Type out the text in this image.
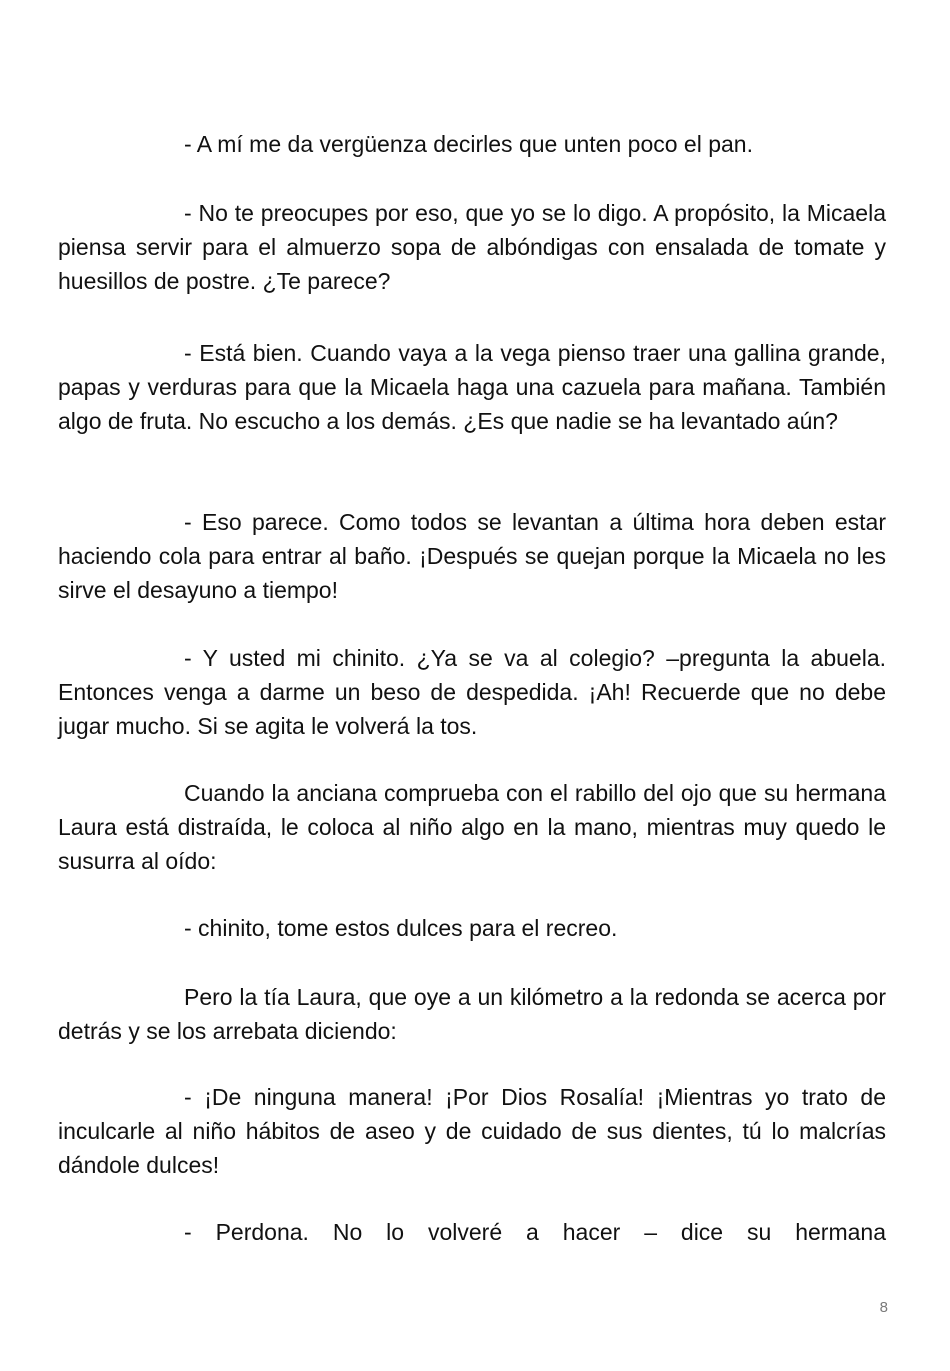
- A mí me da vergüenza decirles que unten poco el pan.

- No te preocupes por eso, que yo se lo digo. A propósito, la Micaela piensa servir para el almuerzo sopa de albóndigas con ensalada de tomate y huesillos de postre. ¿Te parece?

- Está bien. Cuando vaya a la vega pienso traer una gallina grande, papas y verduras para que la Micaela haga una cazuela para mañana. También algo de fruta. No escucho a los demás. ¿Es que nadie se ha levantado aún?

- Eso parece. Como todos se levantan a última hora deben estar haciendo cola para entrar al baño. ¡Después se quejan porque la Micaela no les sirve el desayuno a tiempo!

- Y usted mi chinito. ¿Ya se va al colegio? –pregunta la abuela. Entonces venga a darme un beso de despedida. ¡Ah! Recuerde que no debe jugar mucho. Si se agita le volverá la tos.

Cuando la anciana comprueba con el rabillo del ojo que su hermana Laura está distraída, le coloca al niño algo en la mano, mientras muy quedo le susurra al oído:

- chinito, tome estos dulces para el recreo.

Pero la tía Laura, que oye a un kilómetro a la redonda se acerca por detrás y se los arrebata diciendo:

- ¡De ninguna manera! ¡Por Dios Rosalía! ¡Mientras yo trato de inculcarle al niño hábitos de aseo y de cuidado de sus dientes, tú lo malcrías dándole dulces!

- Perdona. No lo volveré a hacer – dice su hermana

8
